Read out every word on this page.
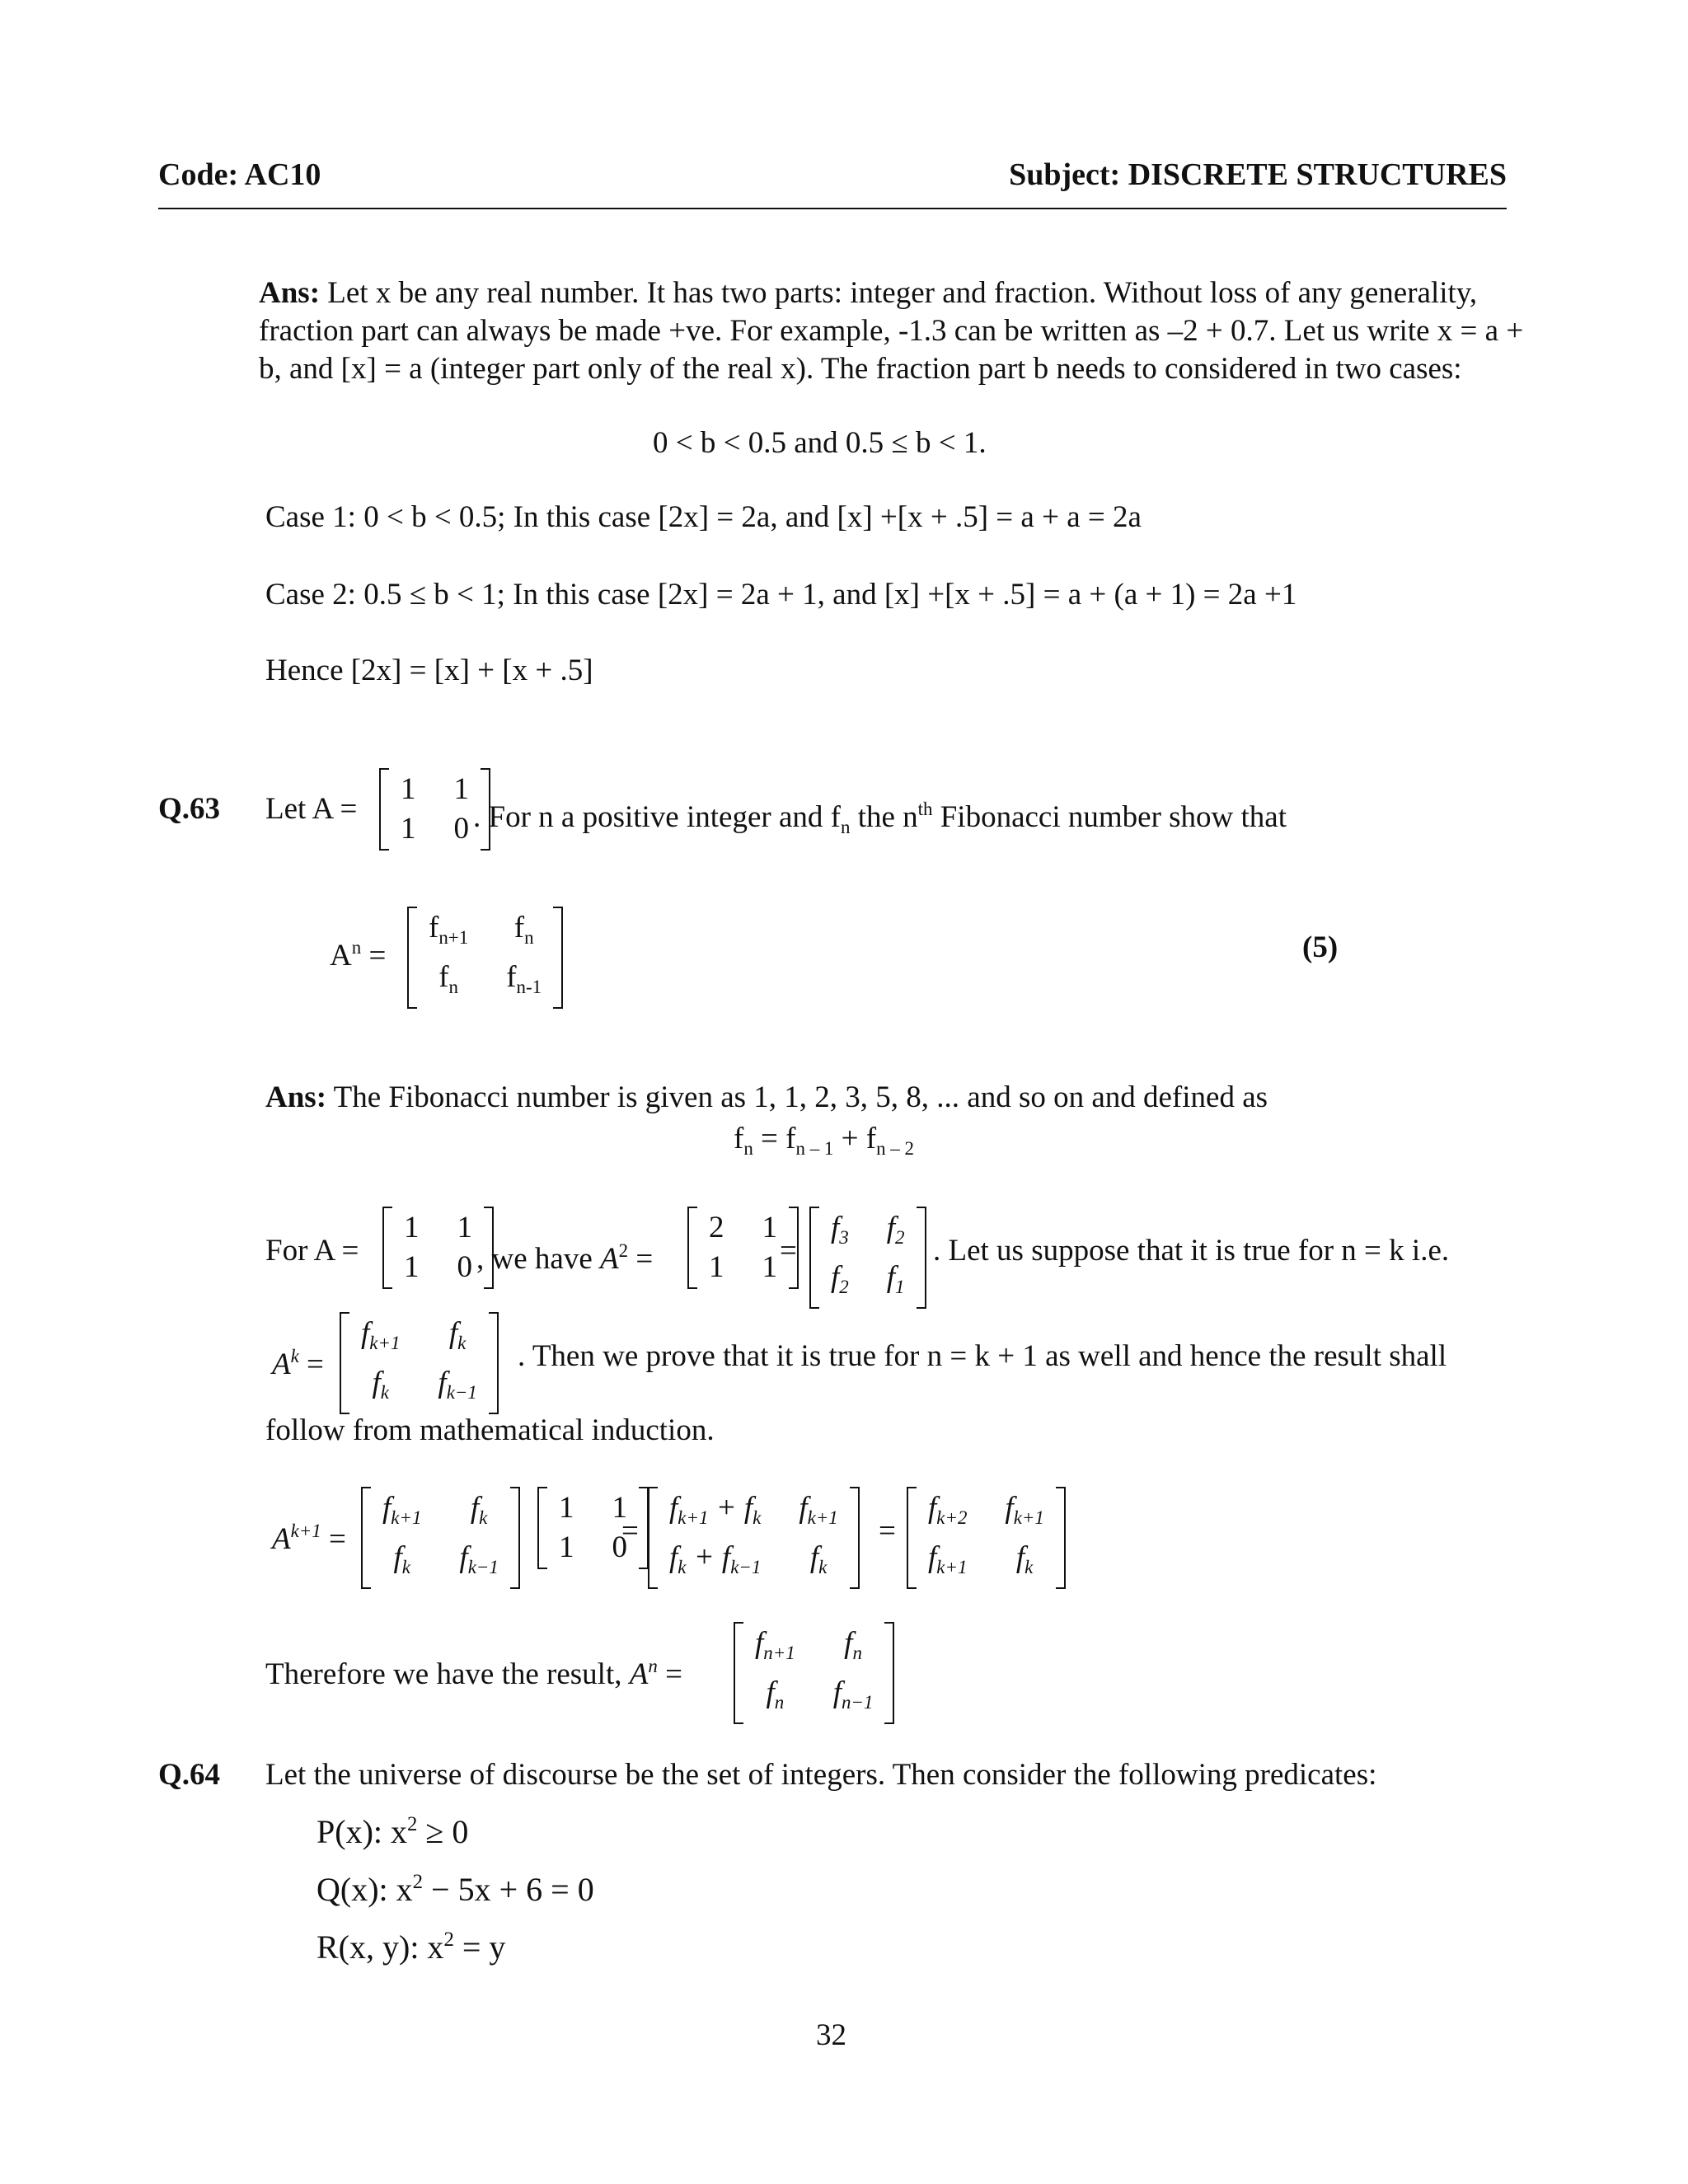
Code: AC10	Subject: DISCRETE STRUCTURES

Ans: Let x be any real number. It has two parts: integer and fraction. Without loss of any generality, fraction part can always be made +ve. For example, -1.3 can be written as –2 + 0.7. Let us write x = a + b, and [x] = a (integer part only of the real x). The fraction part b needs to considered in two cases:

0 < b < 0.5 and 0.5 ≤ b < 1.
Case 1: 0 < b < 0.5; In this case [2x] = 2a, and [x] +[x + .5] = a + a = 2a
Case 2: 0.5 ≤ b < 1; In this case [2x] = 2a + 1, and [x] +[x + .5] = a + (a + 1) = 2a +1
Hence [2x] = [x] + [x + .5]
Q.63 Let A =
1 1
1 0 . For n a positive integer and $f_n$ the $n^{th}$ Fibonacci number show that
$A^n$ =
$f_{n+1}$	$f_n$
$f_n$	$f_{n-1}$
(5)
Ans: The Fibonacci number is given as 1, 1, 2, 3, 5, 8, ... and so on and defined as
$f_n = f_{n - 1} + f_{n - 2}$
For A =
1 1
1 0 , we have $A^2$ =
2 1
1 1 =
$f_3$ $f_2$
$f_2$ $f_1$
. Let us suppose that it is true for n = k i.e.
$A^k$ =
$f_{k+1}$	$f_k$
$f_k$	$f_{k-1}$
. Then we prove that it is true for n = k + 1 as well and hence the result shall
follow from mathematical induction.
$A^{k+1}$ =
$f_{k+1}$	$f_k$
$f_k$	$f_{k-1}$
1 1
1 0
=
$f_{k+1} + f_k$ $f_{k+1}$
$f_k + f_{k-1}$	$f_k$
=
$f_{k+2}$ $f_{k+1}$
$f_{k+1}$	$f_k$
Therefore we have the result, $A^n$ =
$f_{n+1}$	$f_n$
$f_n$	$f_{n-1}$
Q.64 Let the universe of discourse be the set of integers. Then consider the following predicates:
P(x): $x^2 \ge 0$
Q(x): $x^2 - 5x + 6 = 0$
R(x, y): $x^2 = y$
32
